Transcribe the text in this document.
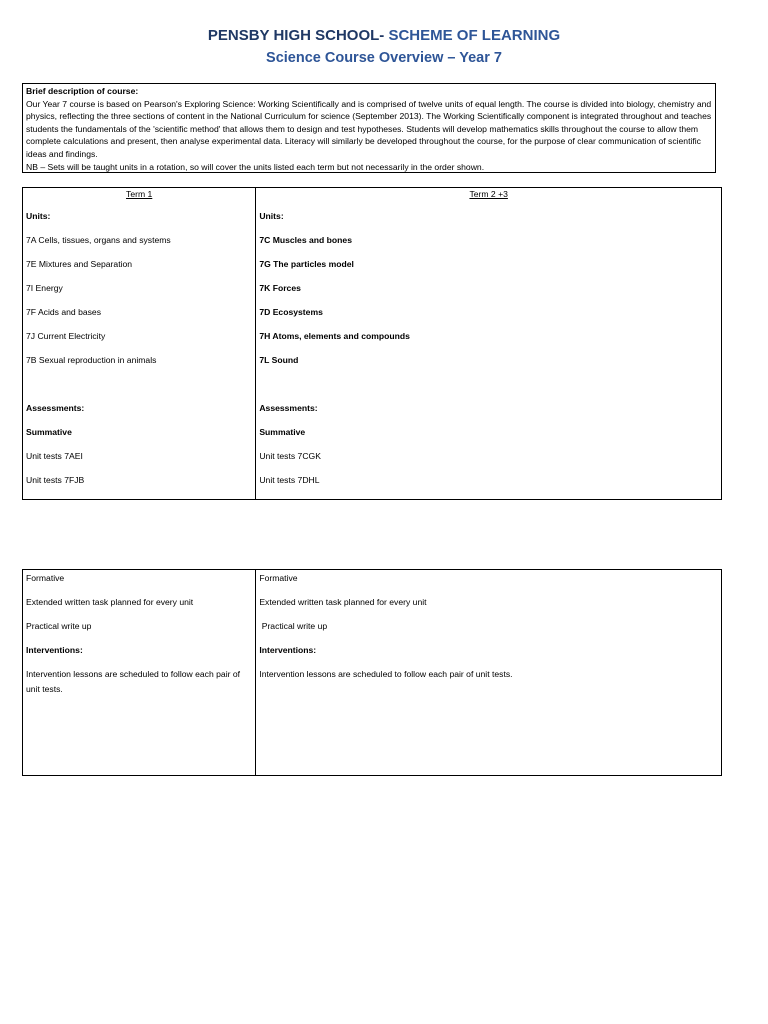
PENSBY HIGH SCHOOL- SCHEME OF LEARNING
Science Course Overview – Year 7
Brief description of course:

Our Year 7 course is based on Pearson's Exploring Science: Working Scientifically and is comprised of twelve units of equal length. The course is divided into biology, chemistry and physics, reflecting the three sections of content in the National Curriculum for science (September 2013). The Working Scientifically component is integrated throughout and teaches students the fundamentals of the 'scientific method' that allows them to design and test hypotheses. Students will develop mathematics skills throughout the course to allow them complete calculations and present, then analyse experimental data. Literacy will similarly be developed throughout the course, for the purpose of clear communication of scientific ideas and findings.

NB – Sets will be taught units in a rotation, so will cover the units listed each term but not necessarily in the order shown.

Term 1
Units:
7A Cells, tissues, organs and systems
7E Mixtures and Separation
7I Energy
7F Acids and bases
7J Current Electricity
7B Sexual reproduction in animals
Assessments:
Summative
Unit tests 7AEI
Unit tests 7FJB

Term 2 +3
Units:
7C Muscles and bones
7G The particles model
7K Forces
7D Ecosystems
7H Atoms, elements and compounds
7L Sound
Assessments:
Summative
Unit tests 7CGK
Unit tests 7DHL
Formative
Extended written task planned for every unit
Practical write up
Interventions:
Intervention lessons are scheduled to follow each pair of unit tests.

Formative
Extended written task planned for every unit
Practical write up
Interventions:
Intervention lessons are scheduled to follow each pair of unit tests.
